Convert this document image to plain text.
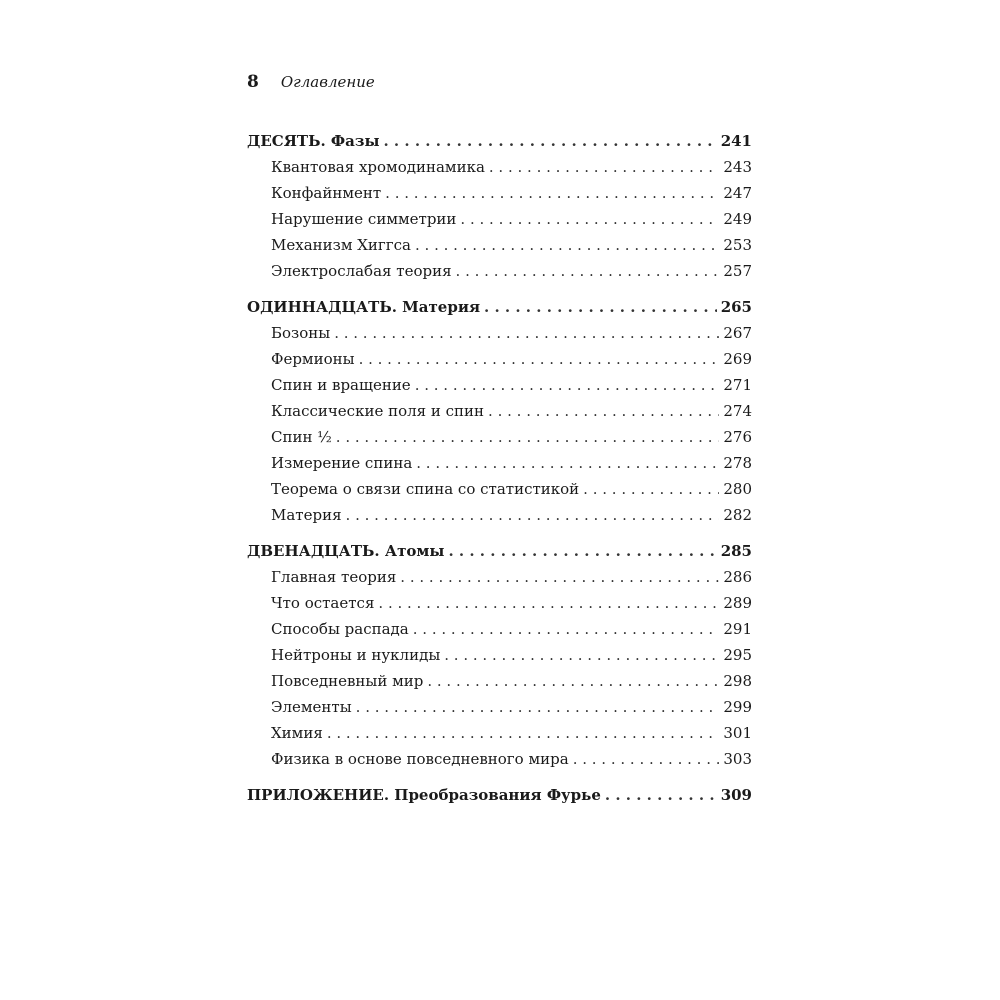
8 Оглавление
ДЕСЯТЬ. Фазы . . .	241
Квантовая хромодинамика . . .	243
Конфайнмент . . .	247
Нарушение симметрии . . .	249
Механизм Хиггса . . .	253
Электрослабая теория . . .	257
ОДИННАДЦАТЬ. Материя . . .	265
Бозоны . . .	267
Фермионы . . .	269
Спин и вращение . . .	271
Классические поля и спин . . .	274
Спин ½ . . .	276
Измерение спина . . .	278
Теорема о связи спина со статистикой . . .	280
Материя . . .	282
ДВЕНАДЦАТЬ. Атомы . . .	285
Главная теория . . .	286
Что остается . . .	289
Способы распада . . .	291
Нейтроны и нуклиды . . .	295
Повседневный мир . . .	298
Элементы . . .	299
Химия . . .	301
Физика в основе повседневного мира . . .	303
ПРИЛОЖЕНИЕ. Преобразования Фурье . . .	309
